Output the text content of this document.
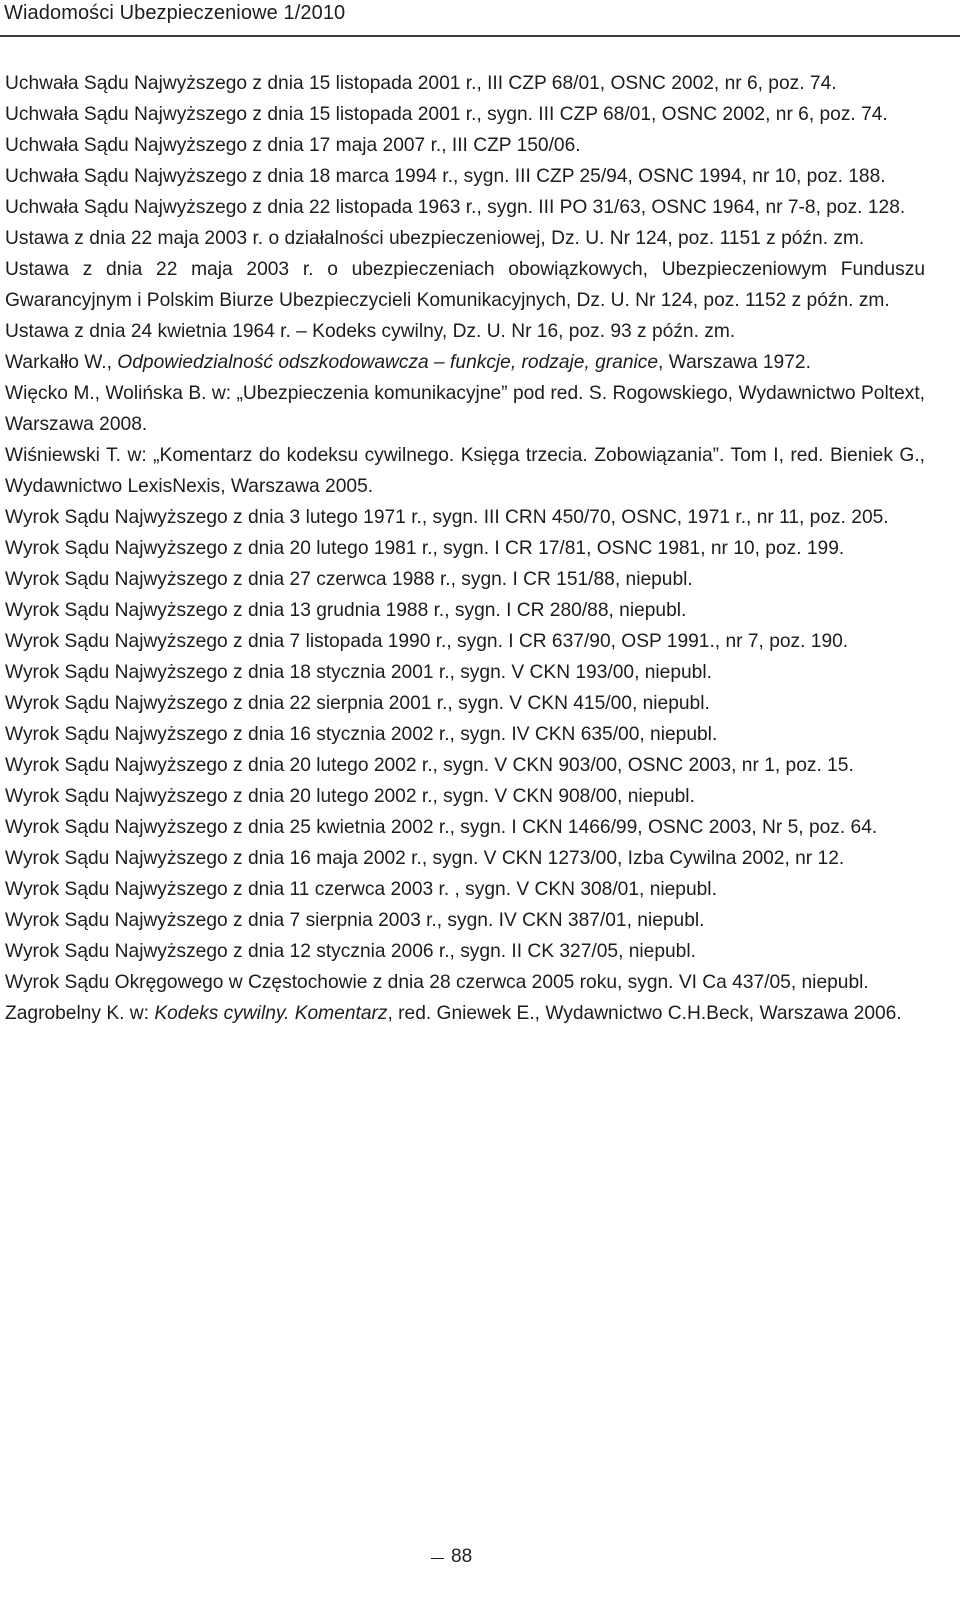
Wiadomości Ubezpieczeniowe 1/2010
Uchwała Sądu Najwyższego z dnia 15 listopada 2001 r., III CZP 68/01, OSNC 2002, nr 6, poz. 74.
Uchwała Sądu Najwyższego z dnia 15 listopada 2001 r., sygn. III CZP 68/01, OSNC 2002, nr 6, poz. 74.
Uchwała Sądu Najwyższego z dnia 17 maja 2007 r., III CZP 150/06.
Uchwała Sądu Najwyższego z dnia 18 marca 1994 r., sygn. III CZP 25/94, OSNC 1994, nr 10, poz. 188.
Uchwała Sądu Najwyższego z dnia 22 listopada 1963 r., sygn. III PO 31/63, OSNC 1964, nr 7-8, poz. 128.
Ustawa z dnia 22 maja 2003 r. o działalności ubezpieczeniowej, Dz. U. Nr 124, poz. 1151 z późn. zm.
Ustawa z dnia 22 maja 2003 r. o ubezpieczeniach obowiązkowych, Ubezpieczeniowym Funduszu Gwarancyjnym i Polskim Biurze Ubezpieczycieli Komunikacyjnych, Dz. U. Nr 124, poz. 1152 z późn. zm.
Ustawa z dnia 24 kwietnia 1964 r. – Kodeks cywilny, Dz. U. Nr 16, poz. 93 z późn. zm.
Warkałło W., Odpowiedzialność odszkodowawcza – funkcje, rodzaje, granice, Warszawa 1972.
Więcko M., Wolińska B. w: „Ubezpieczenia komunikacyjne” pod red. S. Rogowskiego, Wydawnictwo Poltext, Warszawa 2008.
Wiśniewski T. w: „Komentarz do kodeksu cywilnego. Księga trzecia. Zobowiązania”. Tom I, red. Bieniek G., Wydawnictwo LexisNexis, Warszawa 2005.
Wyrok Sądu Najwyższego z dnia 3 lutego 1971 r., sygn. III CRN 450/70, OSNC, 1971 r., nr 11, poz. 205.
Wyrok Sądu Najwyższego z dnia 20 lutego 1981 r., sygn. I CR 17/81, OSNC 1981, nr 10, poz. 199.
Wyrok Sądu Najwyższego z dnia 27 czerwca 1988 r., sygn. I CR 151/88, niepubl.
Wyrok Sądu Najwyższego z dnia 13 grudnia 1988 r., sygn. I CR 280/88, niepubl.
Wyrok Sądu Najwyższego z dnia 7 listopada 1990 r., sygn. I CR 637/90, OSP 1991., nr 7, poz. 190.
Wyrok Sądu Najwyższego z dnia 18 stycznia 2001 r., sygn. V CKN 193/00, niepubl.
Wyrok Sądu Najwyższego z dnia 22 sierpnia 2001 r., sygn. V CKN 415/00, niepubl.
Wyrok Sądu Najwyższego z dnia 16 stycznia 2002 r., sygn. IV CKN 635/00, niepubl.
Wyrok Sądu Najwyższego z dnia 20 lutego 2002 r., sygn. V CKN 903/00, OSNC 2003, nr 1, poz. 15.
Wyrok Sądu Najwyższego z dnia 20 lutego 2002 r., sygn. V CKN 908/00, niepubl.
Wyrok Sądu Najwyższego z dnia 25 kwietnia 2002 r., sygn. I CKN 1466/99, OSNC 2003, Nr 5, poz. 64.
Wyrok Sądu Najwyższego z dnia 16 maja 2002 r., sygn. V CKN 1273/00, Izba Cywilna 2002, nr 12.
Wyrok Sądu Najwyższego z dnia 11 czerwca 2003 r. , sygn. V CKN 308/01, niepubl.
Wyrok Sądu Najwyższego z dnia 7 sierpnia 2003 r., sygn. IV CKN 387/01, niepubl.
Wyrok Sądu Najwyższego z dnia 12 stycznia 2006 r., sygn. II CK 327/05, niepubl.
Wyrok Sądu Okręgowego w Częstochowie z dnia 28 czerwca 2005 roku, sygn. VI Ca 437/05, niepubl.
Zagrobelny K. w: Kodeks cywilny. Komentarz, red. Gniewek E., Wydawnictwo C.H.Beck, Warszawa 2006.
88
